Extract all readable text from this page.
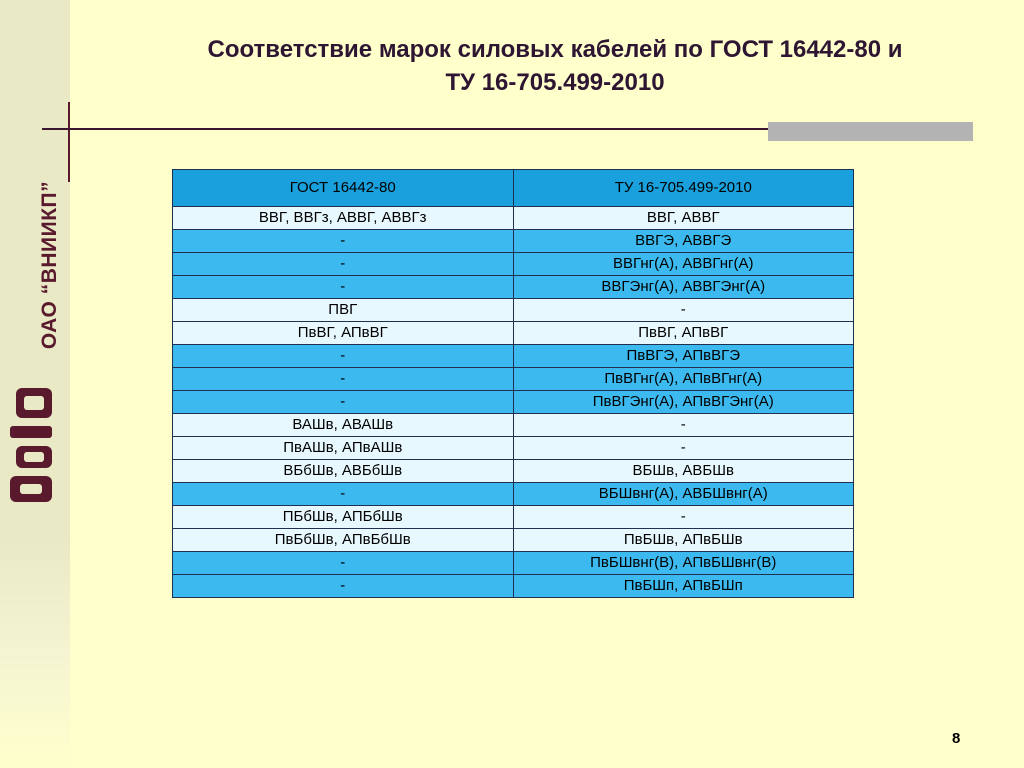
ОАО “ВНИИКП”
Соответствие марок силовых кабелей по ГОСТ 16442-80 и
ТУ 16-705.499-2010
ГОСТ 16442-80	ТУ 16-705.499-2010
ВВГ, ВВГз, АВВГ, АВВГз	ВВГ, АВВГ
-	ВВГЭ, АВВГЭ
-	ВВГнг(А), АВВГнг(А)
-	ВВГЭнг(А), АВВГЭнг(А)
ПВГ	-
ПвВГ, АПвВГ	ПвВГ, АПвВГ
-	ПвВГЭ, АПвВГЭ
-	ПвВГнг(А), АПвВГнг(А)
-	ПвВГЭнг(А), АПвВГЭнг(А)
ВАШв, АВАШв	-
ПвАШв, АПвАШв	-
ВБбШв, АВБбШв	ВБШв, АВБШв
-	ВБШвнг(А), АВБШвнг(А)
ПБбШв, АПБбШв	-
ПвБбШв, АПвБбШв	ПвБШв, АПвБШв
-	ПвБШвнг(В), АПвБШвнг(В)
-	ПвБШп, АПвБШп
8
